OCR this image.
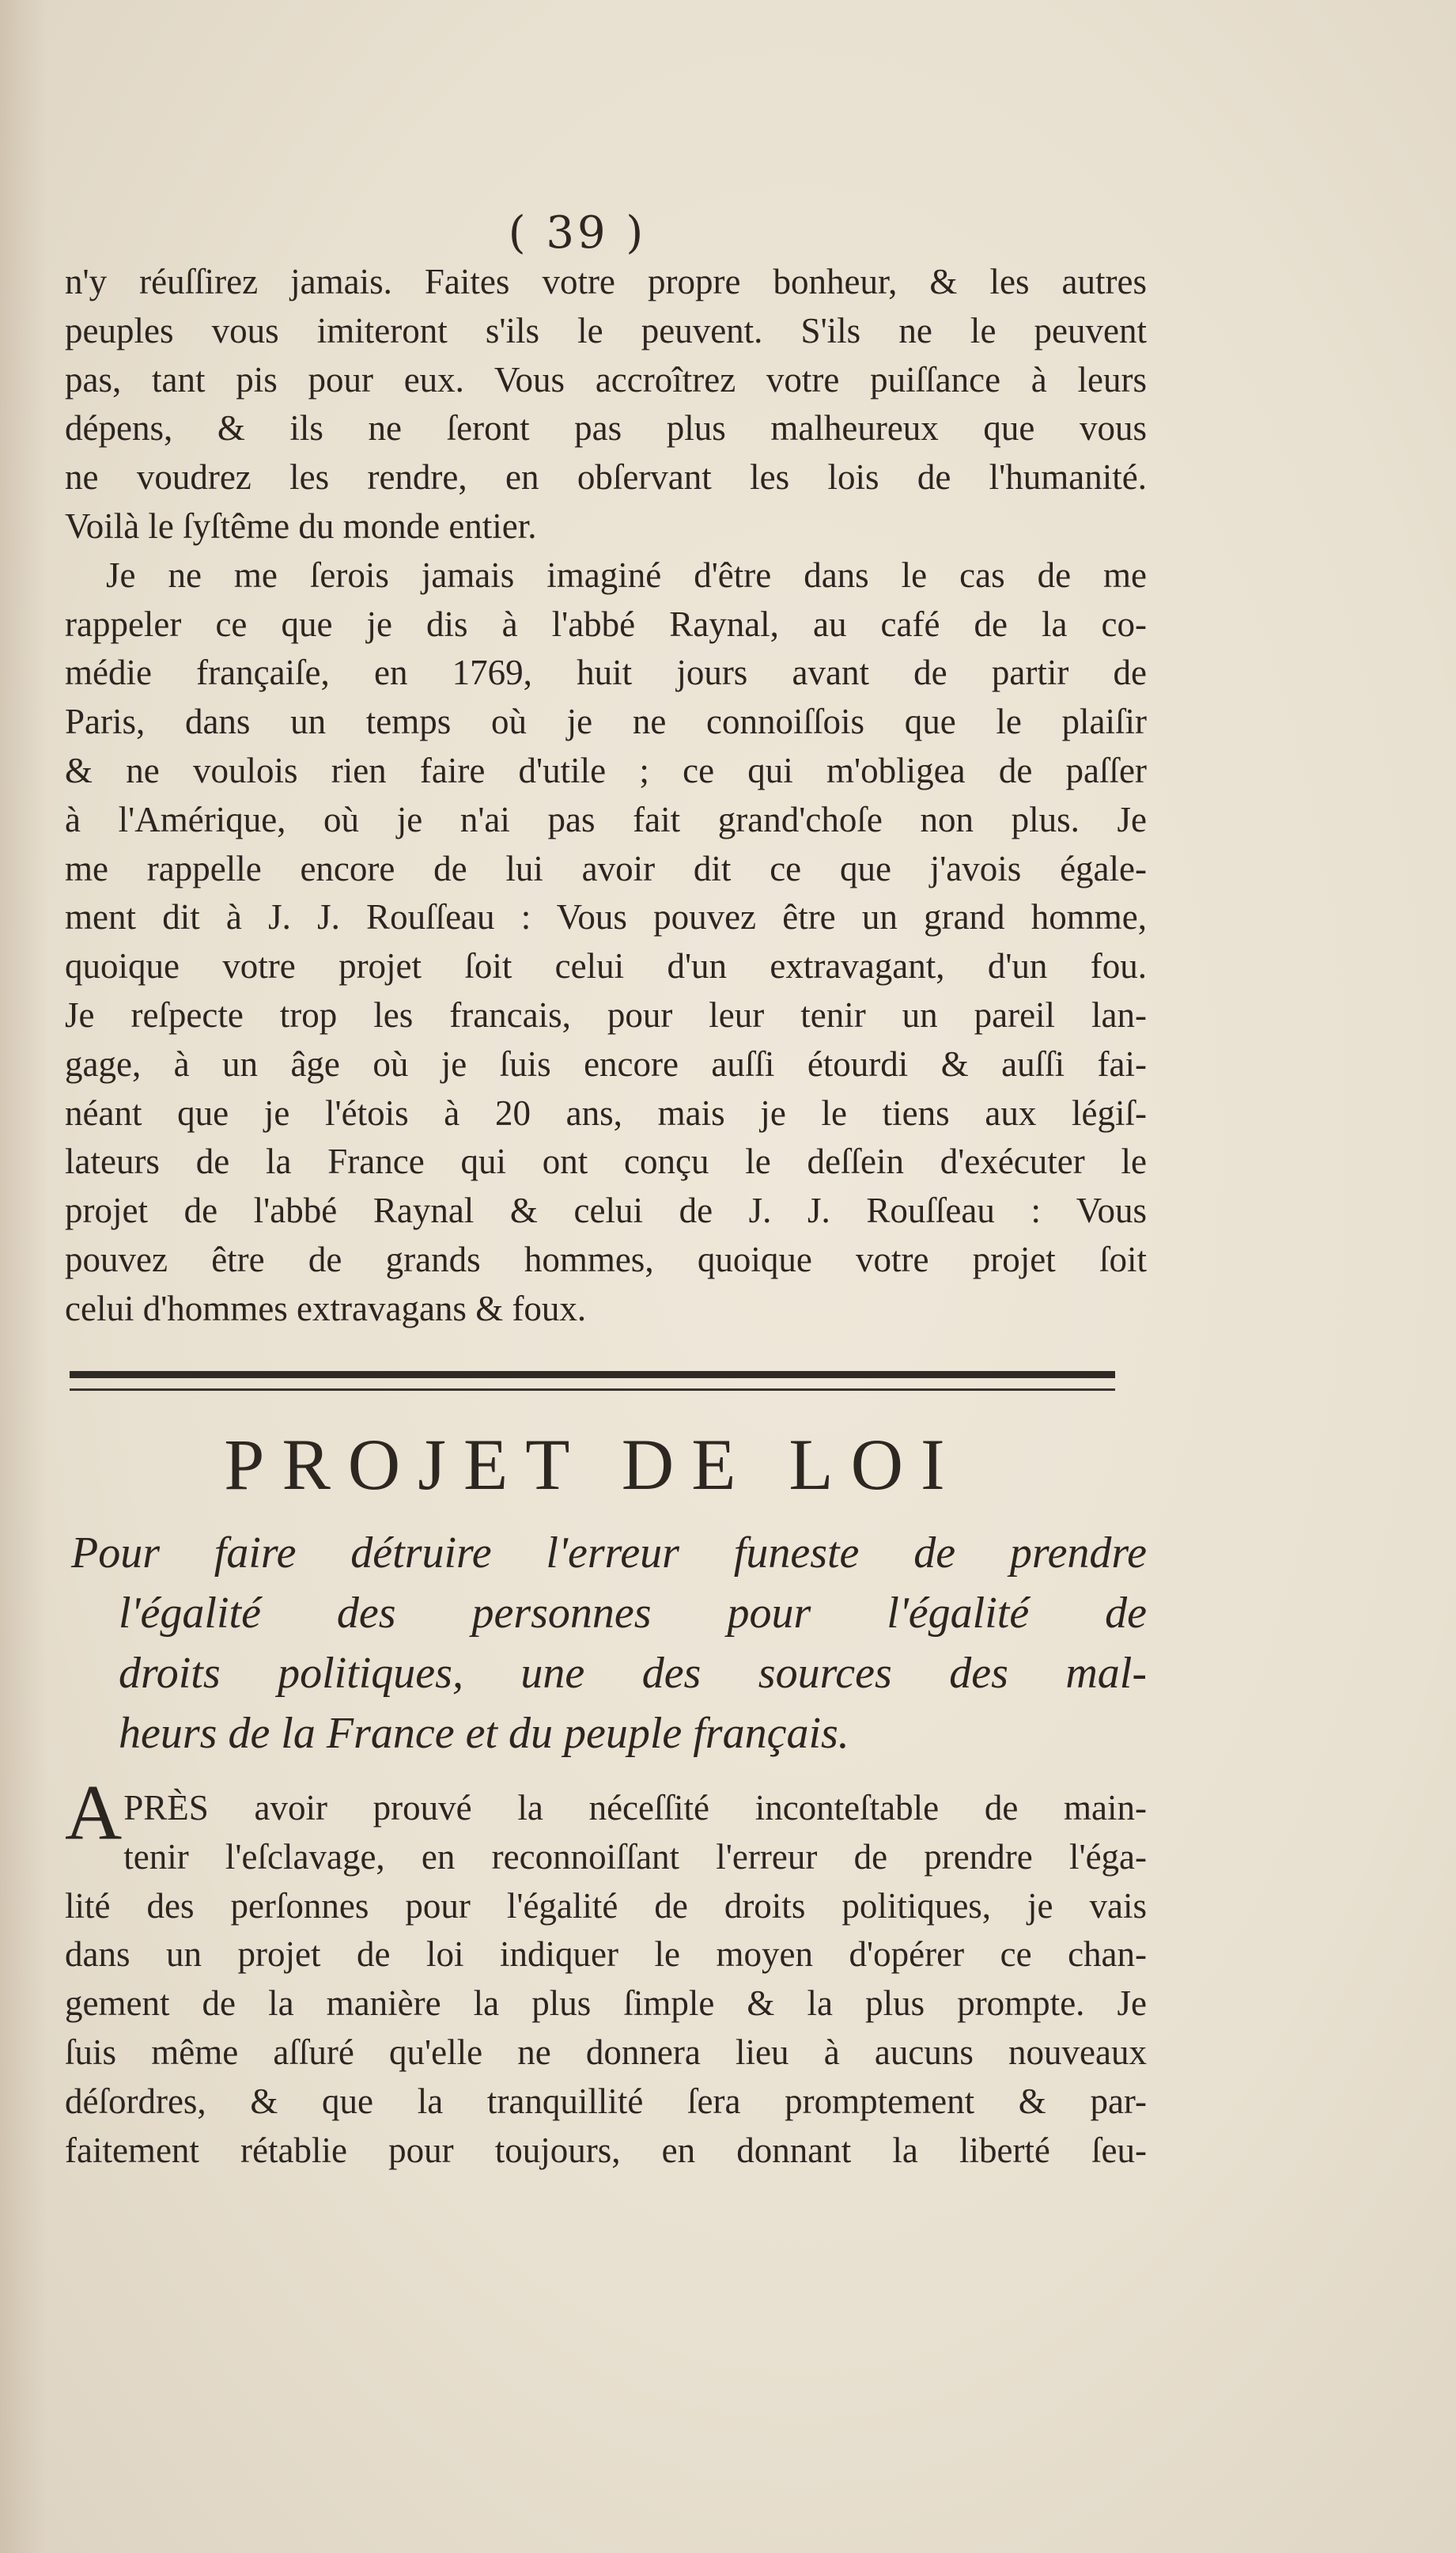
( 39 )
n'y réuſſirez jamais. Faites votre propre bonheur, & les autres
peuples vous imiteront s'ils le peuvent. S'ils ne le peuvent
pas, tant pis pour eux. Vous accroîtrez votre puiſſance à leurs
dépens, & ils ne ſeront pas plus malheureux que vous
ne voudrez les rendre, en obſervant les lois de l'humanité.
Voilà le ſyſtême du monde entier.
Je ne me ſerois jamais imaginé d'être dans le cas de me
rappeler ce que je dis à l'abbé Raynal, au café de la co-
médie françaiſe, en 1769, huit jours avant de partir de
Paris, dans un temps où je ne connoiſſois que le plaiſir
& ne voulois rien faire d'utile ; ce qui m'obligea de paſſer
à l'Amérique, où je n'ai pas fait grand'choſe non plus. Je
me rappelle encore de lui avoir dit ce que j'avois égale-
ment dit à J. J. Rouſſeau : Vous pouvez être un grand homme,
quoique votre projet ſoit celui d'un extravagant, d'un fou.
Je reſpecte trop les francais, pour leur tenir un pareil lan-
gage, à un âge où je ſuis encore auſſi étourdi & auſſi fai-
néant que je l'étois à 20 ans, mais je le tiens aux légiſ-
lateurs de la France qui ont conçu le deſſein d'exécuter le
projet de l'abbé Raynal & celui de J. J. Rouſſeau : Vous
pouvez être de grands hommes, quoique votre projet ſoit
celui d'hommes extravagans & foux.
PROJET DE LOI
Pour faire détruire l'erreur funeste de prendre
l'égalité des personnes pour l'égalité de
droits politiques, une des sources des mal-
heurs de la France et du peuple français.
A PRÈS avoir prouvé la néceſſité inconteſtable de main-
tenir l'eſclavage, en reconnoiſſant l'erreur de prendre l'éga-
lité des perſonnes pour l'égalité de droits politiques, je vais
dans un projet de loi indiquer le moyen d'opérer ce chan-
gement de la manière la plus ſimple & la plus prompte. Je
ſuis même aſſuré qu'elle ne donnera lieu à aucuns nouveaux
déſordres, & que la tranquillité ſera promptement & par-
faitement rétablie pour toujours, en donnant la liberté ſeu-
